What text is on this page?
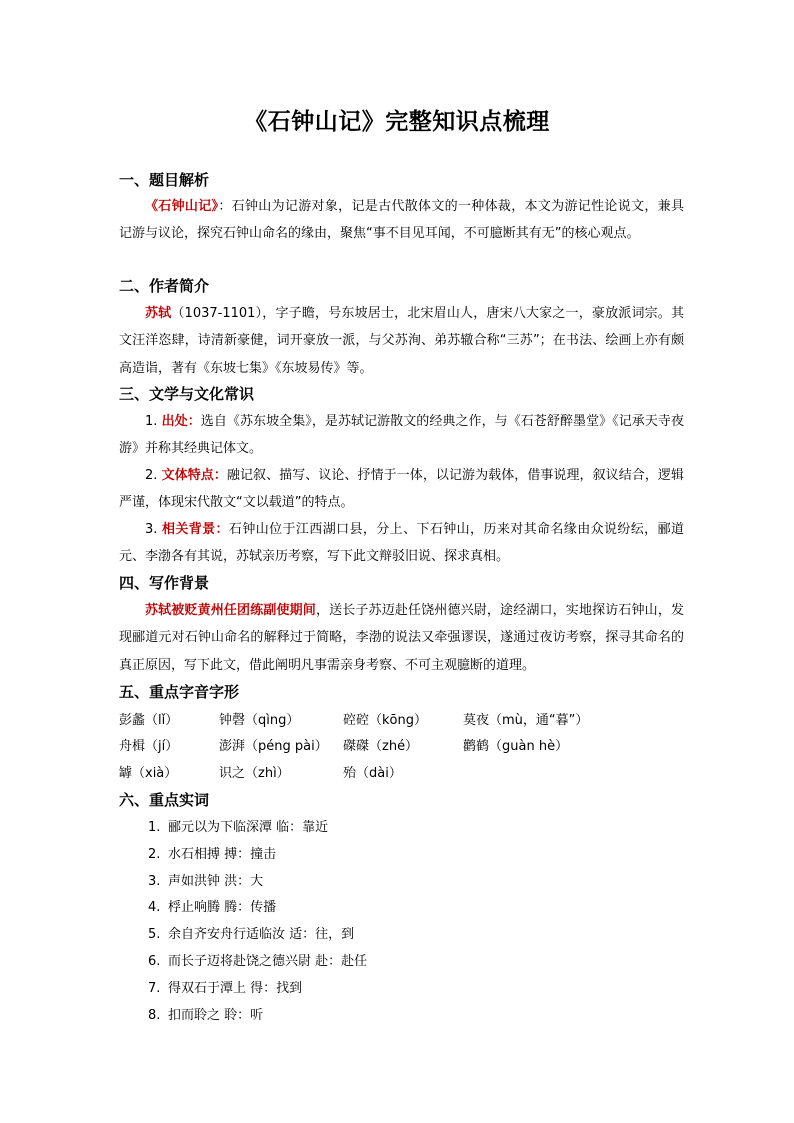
《石钟山记》完整知识点梳理
一、题目解析

《石钟山记》：石钟山为记游对象，记是古代散体文的一种体裁，本文为游记性论说文，兼具记游与议论，探究石钟山命名的缘由，聚焦“事不目见耳闻，不可臆断其有无”的核心观点。

二、作者简介

苏轼（1037-1101），字子瞻，号东坡居士，北宋眉山人，唐宋八大家之一，豪放派词宗。其文汪洋恣肆，诗清新豪健，词开豪放一派，与父苏洵、弟苏辙合称“三苏”；在书法、绘画上亦有颇高造诣，著有《东坡七集》《东坡易传》等。

三、文学与文化常识

1. 出处：选自《苏东坡全集》，是苏轼记游散文的经典之作，与《石苍舒醉墨堂》《记承天寺夜游》并称其经典记体文。

2. 文体特点：融记叙、描写、议论、抒情于一体，以记游为载体，借事说理，叙议结合，逻辑严谨，体现宋代散文“文以载道”的特点。

3. 相关背景：石钟山位于江西湖口县，分上、下石钟山，历来对其命名缘由众说纷纭，郦道元、李渤各有其说，苏轼亲历考察，写下此文辩驳旧说、探求真相。

四、写作背景

苏轼被贬黄州任团练副使期间，送长子苏迈赴任饶州德兴尉，途经湖口，实地探访石钟山，发现郦道元对石钟山命名的解释过于简略，李渤的说法又牵强谬误，遂通过夜访考察，探寻其命名的真正原因，写下此文，借此阐明凡事需亲身考察、不可主观臆断的道理。

五、重点字音字形
彭蠡（lǐ）	钟磬（qìng）	硿硿（kōng）	莫夜（mù，通“暮”）
舟楫（jí）	澎湃（péng pài） 磔磔（zhé）	鹳鹤（guàn hè）
罅（xià）	识之（zhì）	殆（dài）
六、重点实词
1. 郦元以为下临深潭 临：靠近
2. 水石相搏 搏：撞击
3. 声如洪钟 洪：大
4. 桴止响腾 腾：传播
5. 余自齐安舟行适临汝 适：往，到
6. 而长子迈将赴饶之德兴尉 赴：赴任
7. 得双石于潭上 得：找到
8. 扣而聆之 聆：听
